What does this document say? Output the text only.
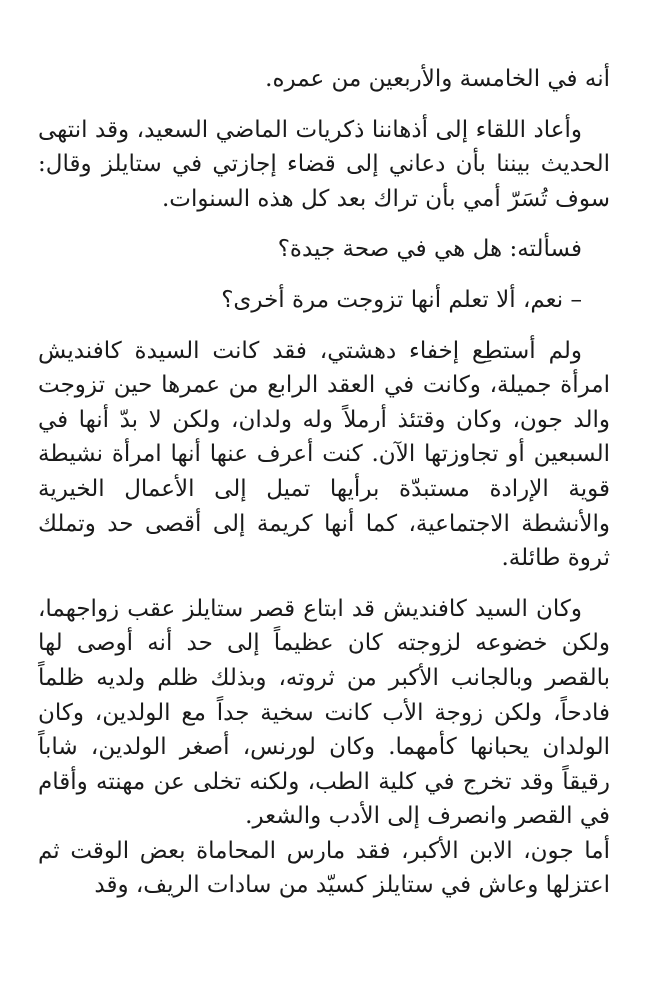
أنه في الخامسة والأربعين من عمره.

وأعاد اللقاء إلى أذهاننا ذكريات الماضي السعيد، وقد انتهى الحديث بيننا بأن دعاني إلى قضاء إجازتي في ستايلز وقال: سوف تُسَرّ أمي بأن تراك بعد كل هذه السنوات.

فسألته: هل هي في صحة جيدة؟

– نعم، ألا تعلم أنها تزوجت مرة أخرى؟

ولم أستطِع إخفاء دهشتي، فقد كانت السيدة كافنديش امرأة جميلة، وكانت في العقد الرابع من عمرها حين تزوجت والد جون، وكان وقتئذ أرملاً وله ولدان، ولكن لا بدّ أنها في السبعين أو تجاوزتها الآن. كنت أعرف عنها أنها امرأة نشيطة قوية الإرادة مستبدّة برأيها تميل إلى الأعمال الخيرية والأنشطة الاجتماعية، كما أنها كريمة إلى أقصى حد وتملك ثروة طائلة.

وكان السيد كافنديش قد ابتاع قصر ستايلز عقب زواجهما، ولكن خضوعه لزوجته كان عظيماً إلى حد أنه أوصى لها بالقصر وبالجانب الأكبر من ثروته، وبذلك ظلم ولديه ظلماً فادحاً، ولكن زوجة الأب كانت سخية جداً مع الولدين، وكان الولدان يحبانها كأمهما. وكان لورنس، أصغر الولدين، شاباً رقيقاً وقد تخرج في كلية الطب، ولكنه تخلى عن مهنته وأقام في القصر وانصرف إلى الأدب والشعر.

أما جون، الابن الأكبر، فقد مارس المحاماة بعض الوقت ثم اعتزلها وعاش في ستايلز كسيّد من سادات الريف، وقد
